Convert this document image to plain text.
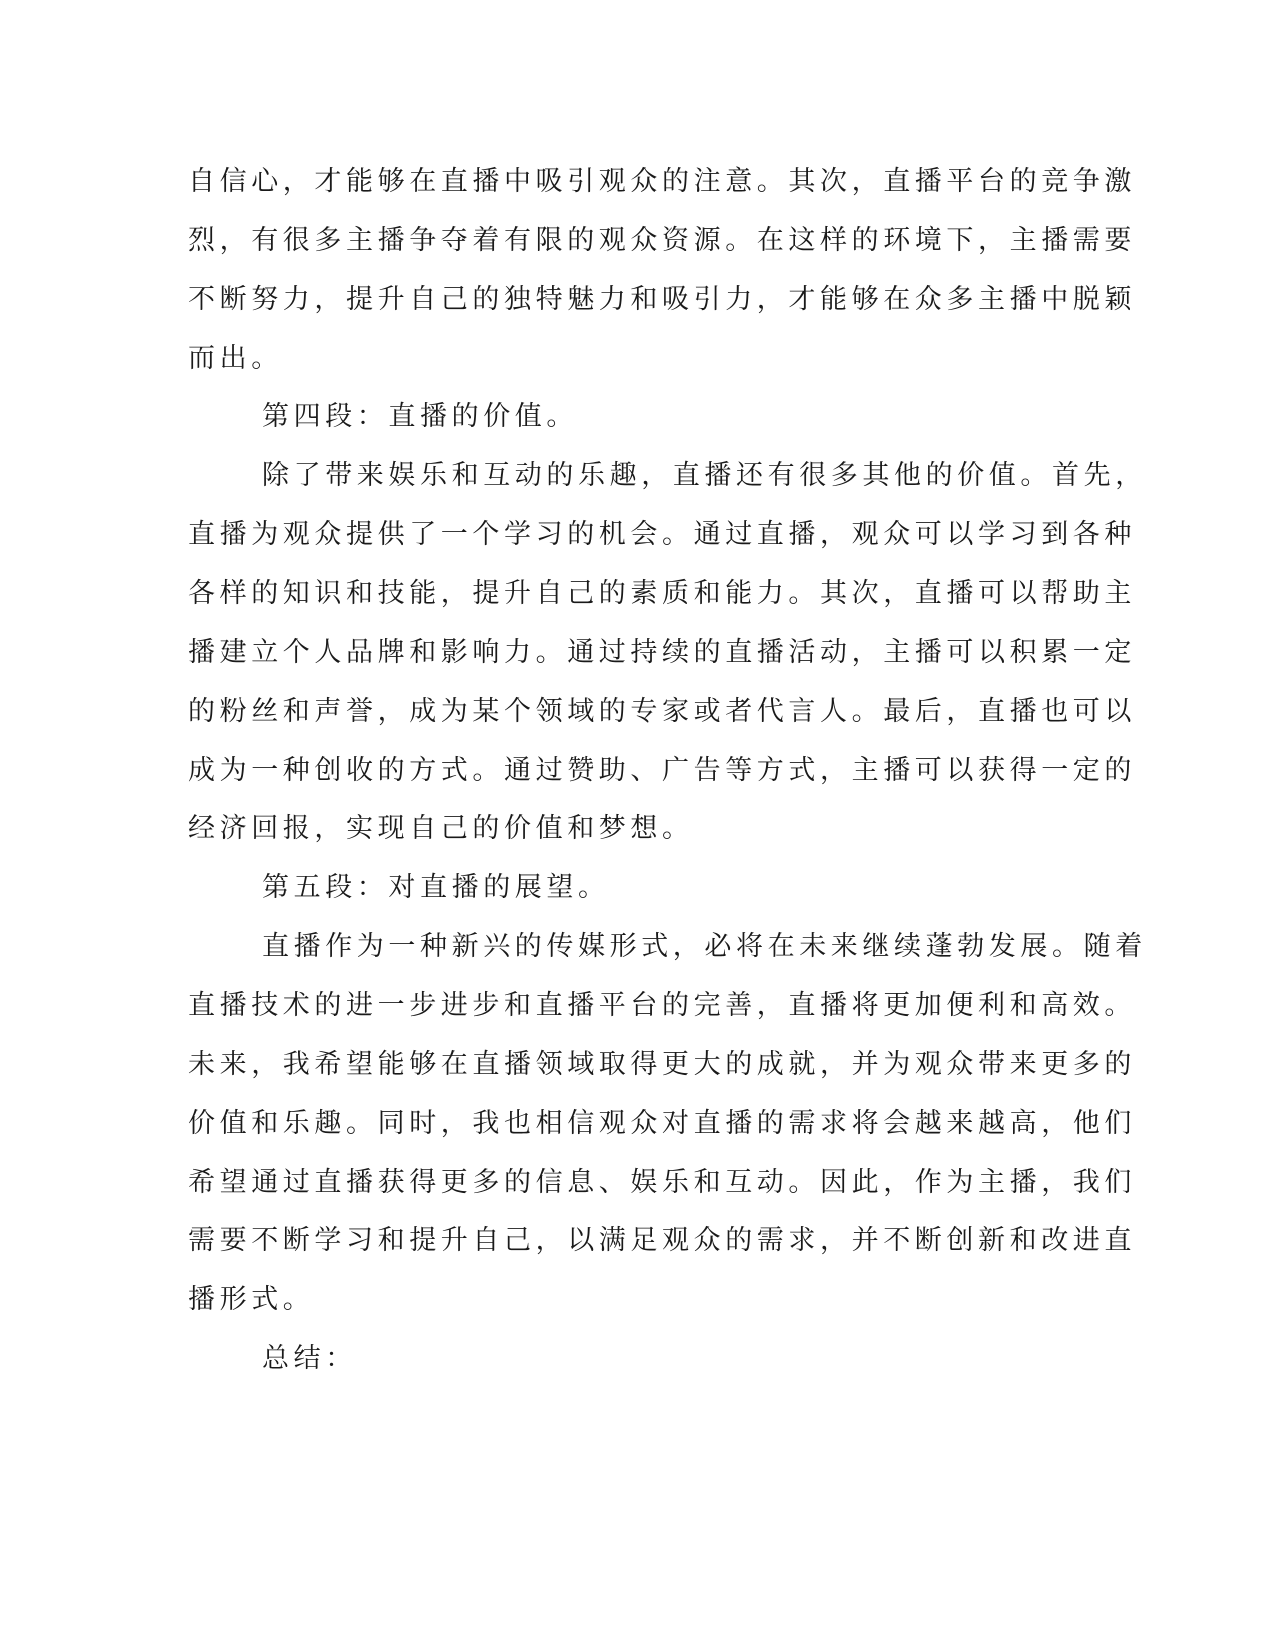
自信心，才能够在直播中吸引观众的注意。其次，直播平台的竞争激
烈，有很多主播争夺着有限的观众资源。在这样的环境下，主播需要
不断努力，提升自己的独特魅力和吸引力，才能够在众多主播中脱颖
而出。
第四段：直播的价值。
除了带来娱乐和互动的乐趣，直播还有很多其他的价值。首先，
直播为观众提供了一个学习的机会。通过直播，观众可以学习到各种
各样的知识和技能，提升自己的素质和能力。其次，直播可以帮助主
播建立个人品牌和影响力。通过持续的直播活动，主播可以积累一定
的粉丝和声誉，成为某个领域的专家或者代言人。最后，直播也可以
成为一种创收的方式。通过赞助、广告等方式，主播可以获得一定的
经济回报，实现自己的价值和梦想。
第五段：对直播的展望。
直播作为一种新兴的传媒形式，必将在未来继续蓬勃发展。随着
直播技术的进一步进步和直播平台的完善，直播将更加便利和高效。
未来，我希望能够在直播领域取得更大的成就，并为观众带来更多的
价值和乐趣。同时，我也相信观众对直播的需求将会越来越高，他们
希望通过直播获得更多的信息、娱乐和互动。因此，作为主播，我们
需要不断学习和提升自己，以满足观众的需求，并不断创新和改进直
播形式。
总结：
